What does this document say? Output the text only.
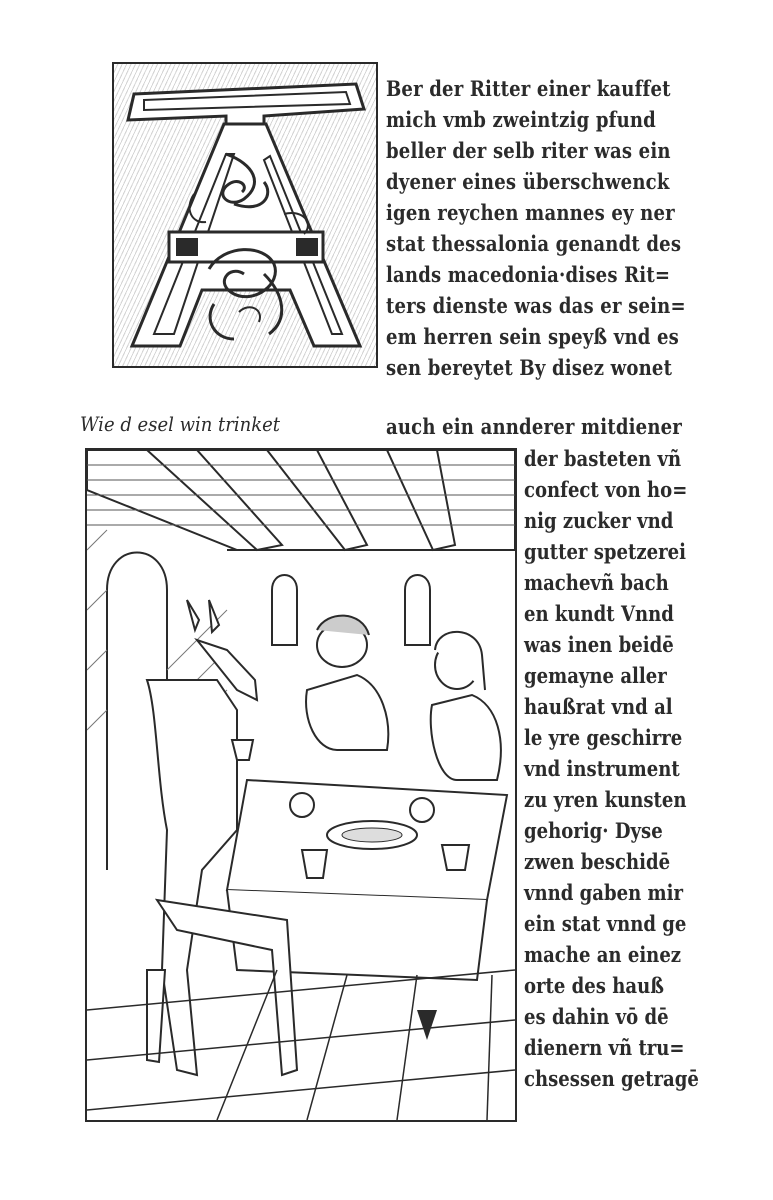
Ber der Ritter einer kauffet
mich vmb zweintzig pfund
beller der selb riter was ein
dyener eines überschwenck
igen reychen mannes ey ner
stat thessalonia genandt des
lands macedonia·dises Rit=
ters dienste was das er sein=
em herren sein speyß vnd es
sen bereytet By disez wonet
auch ein annderer mitdiener
Wie d esel win trinket
der basteten vñ
confect von ho=
nig zucker vnd
gutter spetzerei
machevñ bach
en kundt Vnnd
was inen beidē
gemayne aller
haußrat vnd al
le yre geschirre
vnd instrument
zu yren kunsten
gehorig· Dyse
zwen beschidē
vnnd gaben mir
ein stat vnnd ge
mache an einez
orte des hauß
es dahin vō dē
dienern vñ tru=
chsessen getragē
